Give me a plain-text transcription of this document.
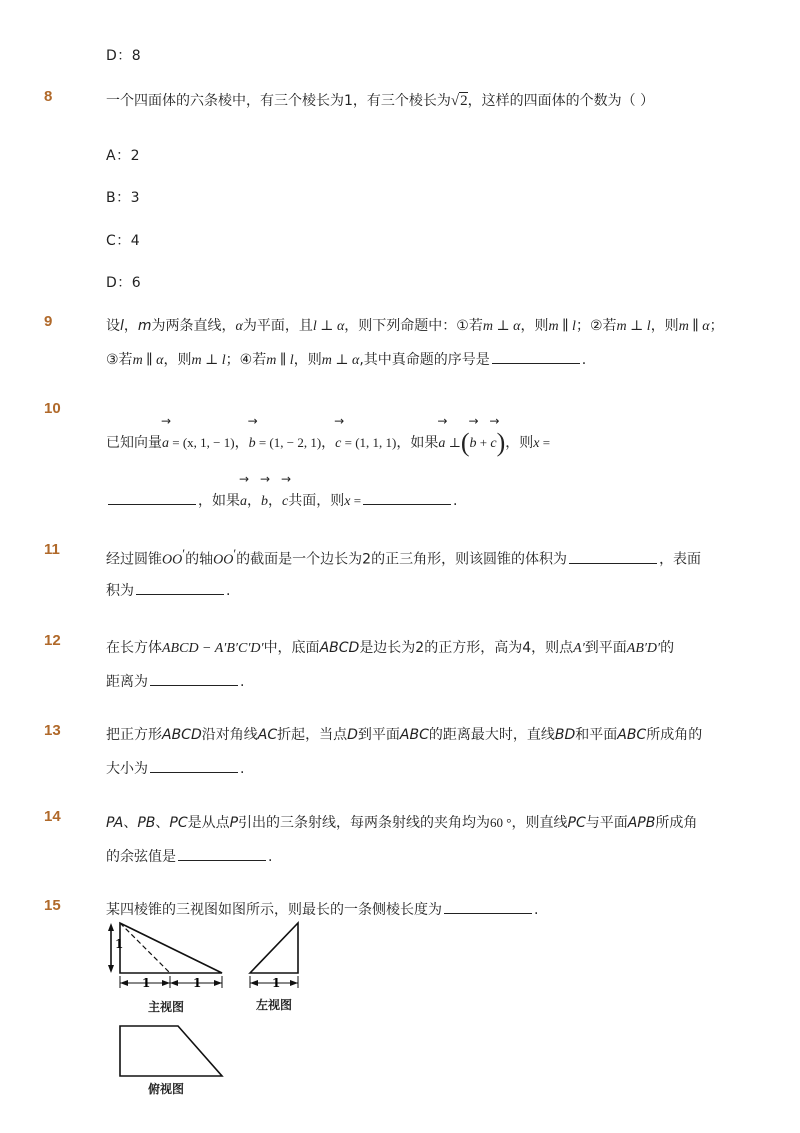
D：8
8	一个四面体的六条棱中，有三个棱长为1，有三个棱长为√2，这样的四面体的个数为（ ）
A：2
B：3
C：4
D：6
9	设l，m为两条直线，α为平面，且l ⊥ α，则下列命题中：①若m ⊥ α，则m ∥ l；②若m ⊥ l，则m ∥ α；
③若m ∥ α，则m ⊥ l；④若m ∥ l，则m ⊥ α,其中真命题的序号是	.
10
已知向量
→
a = (x, 1, − 1)，
→
b = (1, − 2, 1)，
→
c = (1, 1, 1)，如果
→
a ⊥(
→
b +
→
c)，则x =
，如果
→
a，
→
b，
→
c共面，则x =	.
11
经过圆锥OO′的轴OO′的截面是一个边长为2的正三角形，则该圆锥的体积为	，表面
积为	.
12	在长方体ABCD − A′B′C′D′中，底面ABCD是边长为2的正方形，高为4，则点A′到平面AB′D′的
距离为	.
13	把正方形ABCD沿对角线AC折起，当点D到平面ABC的距离最大时，直线BD和平面ABC所成角的
大小为	.
14	PA、PB、PC是从点P引出的三条射线，每两条射线的夹角均为60 °，则直线PC与平面APB所成角
的余弦值是	.
15	某四棱锥的三视图如图所示，则最长的一条侧棱长度为	.
1
1	1	1
主视图	左视图
俯视图
